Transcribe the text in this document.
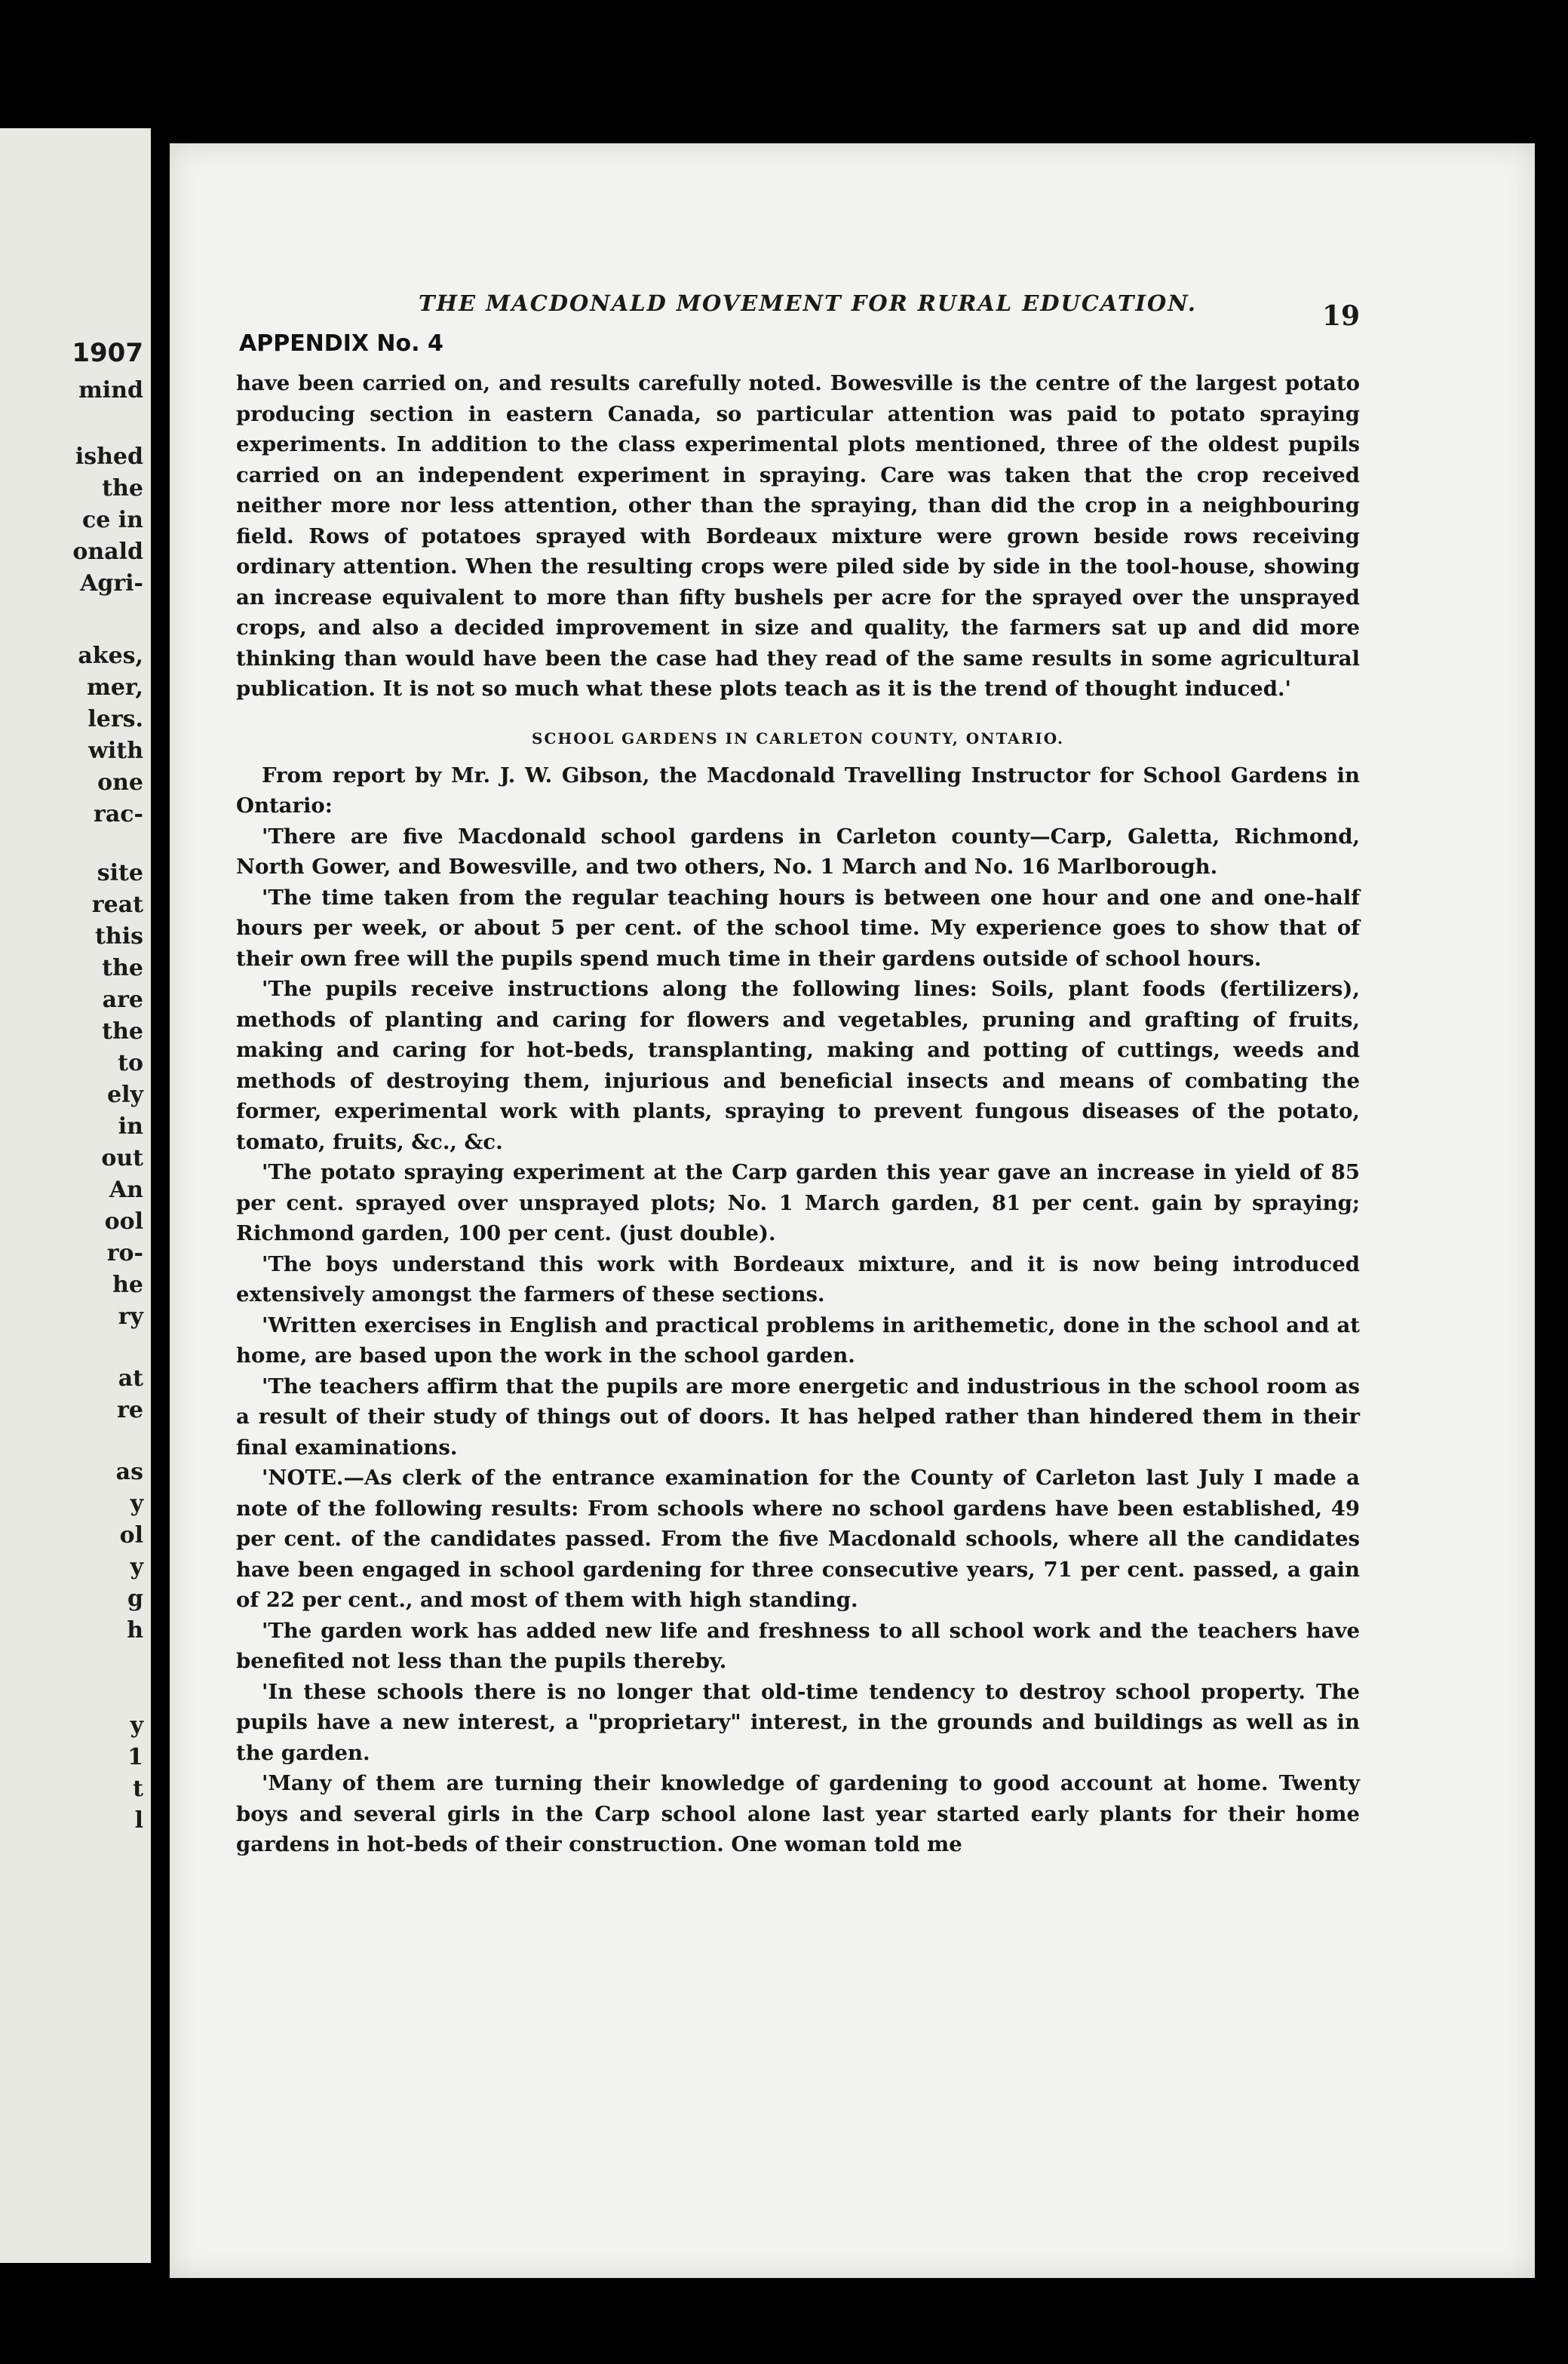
1907
mind
ished
the
ce in
onald
Agri-
akes,
mer,
lers.
with
one
rac-
site
reat
this
the
are
the
to
ely
in
out
An
ool
ro-
he
ry
at
re
as
y
ol
y
g
h
y
1
t
l
THE MACDONALD MOVEMENT FOR RURAL EDUCATION.	19
APPENDIX No. 4

have been carried on, and results carefully noted. Bowesville is the centre of the largest potato producing section in eastern Canada, so particular attention was paid to potato spraying experiments. In addition to the class experimental plots mentioned, three of the oldest pupils carried on an independent experiment in spraying. Care was taken that the crop received neither more nor less attention, other than the spraying, than did the crop in a neighbouring field. Rows of potatoes sprayed with Bordeaux mixture were grown beside rows receiving ordinary attention. When the resulting crops were piled side by side in the tool-house, showing an increase equivalent to more than fifty bushels per acre for the sprayed over the unsprayed crops, and also a decided improvement in size and quality, the farmers sat up and did more thinking than would have been the case had they read of the same results in some agricultural publication. It is not so much what these plots teach as it is the trend of thought induced.'

SCHOOL GARDENS IN CARLETON COUNTY, ONTARIO.

From report by Mr. J. W. Gibson, the Macdonald Travelling Instructor for School Gardens in Ontario:

'There are five Macdonald school gardens in Carleton county—Carp, Galetta, Richmond, North Gower, and Bowesville, and two others, No. 1 March and No. 16 Marlborough.

'The time taken from the regular teaching hours is between one hour and one and one-half hours per week, or about 5 per cent. of the school time. My experience goes to show that of their own free will the pupils spend much time in their gardens outside of school hours.

'The pupils receive instructions along the following lines: Soils, plant foods (fertilizers), methods of planting and caring for flowers and vegetables, pruning and grafting of fruits, making and caring for hot-beds, transplanting, making and potting of cuttings, weeds and methods of destroying them, injurious and beneficial insects and means of combating the former, experimental work with plants, spraying to prevent fungous diseases of the potato, tomato, fruits, &c., &c.

'The potato spraying experiment at the Carp garden this year gave an increase in yield of 85 per cent. sprayed over unsprayed plots; No. 1 March garden, 81 per cent. gain by spraying; Richmond garden, 100 per cent. (just double).

'The boys understand this work with Bordeaux mixture, and it is now being introduced extensively amongst the farmers of these sections.

'Written exercises in English and practical problems in arithemetic, done in the school and at home, are based upon the work in the school garden.

'The teachers affirm that the pupils are more energetic and industrious in the school room as a result of their study of things out of doors. It has helped rather than hindered them in their final examinations.

'NOTE.—As clerk of the entrance examination for the County of Carleton last July I made a note of the following results: From schools where no school gardens have been established, 49 per cent. of the candidates passed. From the five Macdonald schools, where all the candidates have been engaged in school gardening for three consecutive years, 71 per cent. passed, a gain of 22 per cent., and most of them with high standing.

'The garden work has added new life and freshness to all school work and the teachers have benefited not less than the pupils thereby.

'In these schools there is no longer that old-time tendency to destroy school property. The pupils have a new interest, a "proprietary" interest, in the grounds and buildings as well as in the garden.

'Many of them are turning their knowledge of gardening to good account at home. Twenty boys and several girls in the Carp school alone last year started early plants for their home gardens in hot-beds of their construction. One woman told me
